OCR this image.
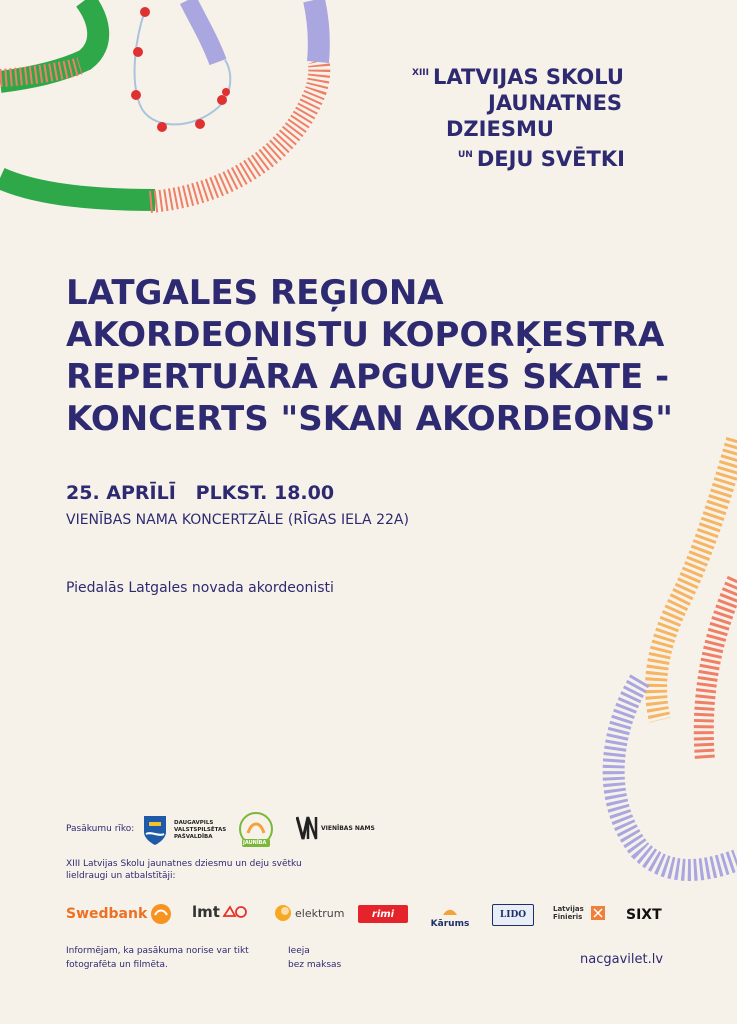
$^{XIII}$ LATVIJAS SKOLU
JAUNATNES
DZIESMU
$^{UN}$ DEJU SVĒTKI
LATGALES REĢIONA
AKORDEONISTU KOPORĶESTRA
REPERTUĀRA APGUVES SKATE -
KONCERTS "SKAN AKORDEONS"
25. APRĪLĪ PLKST. 18.00
VIENĪBAS NAMA KONCERTZĀLE (RĪGAS IELA 22A)
Piedalās Latgales novada akordeonisti
Pasākumu rīko:
DAUGAVPILS
VALSTSPILSĒTAS
PAŠVALDĪBA
JAUNĪBA
VIENĪBAS NAMS
XIII Latvijas Skolu jaunatnes dziesmu un deju svētku lieldraugi un atbalstītāji:
Swedbank	lmt	elektrum	rimi
Kārums
LIDO
Latvijas Finieris	SIXT
Informējam, ka pasākuma norise var tikt fotografēta un filmēta.
Ieeja
bez maksas	nacgavilet.lv
